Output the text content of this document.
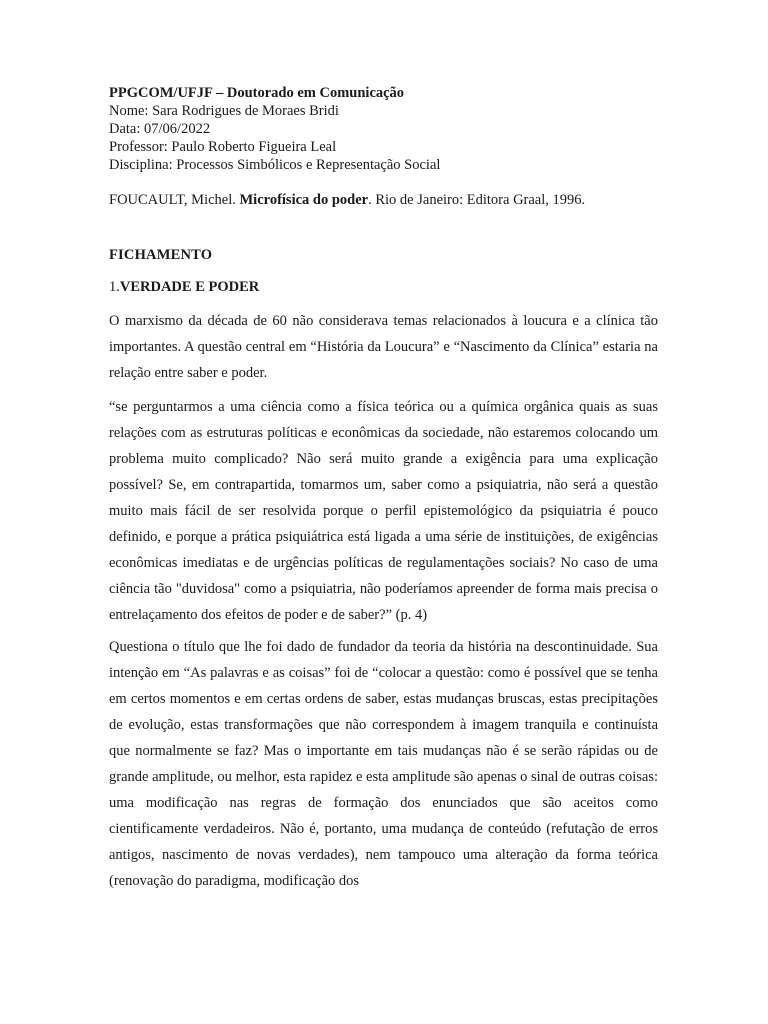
PPGCOM/UFJF – Doutorado em Comunicação
Nome: Sara Rodrigues de Moraes Bridi
Data: 07/06/2022
Professor: Paulo Roberto Figueira Leal
Disciplina: Processos Simbólicos e Representação Social
FOUCAULT, Michel. Microfísica do poder. Rio de Janeiro: Editora Graal, 1996.
FICHAMENTO
1.VERDADE E PODER

O marxismo da década de 60 não considerava temas relacionados à loucura e a clínica tão importantes. A questão central em “História da Loucura” e “Nascimento da Clínica” estaria na relação entre saber e poder.

“se perguntarmos a uma ciência como a física teórica ou a química orgânica quais as suas relações com as estruturas políticas e econômicas da sociedade, não estaremos colocando um problema muito complicado? Não será muito grande a exigência para uma explicação possível? Se, em contrapartida, tomarmos um, saber como a psiquiatria, não será a questão muito mais fácil de ser resolvida porque o perfil epistemológico da psiquiatria é pouco definido, e porque a prática psiquiátrica está ligada a uma série de instituições, de exigências econômicas imediatas e de urgências políticas de regulamentações sociais? No caso de uma ciência tão "duvidosa" como a psiquiatria, não poderíamos apreender de forma mais precisa o entrelaçamento dos efeitos de poder e de saber?” (p. 4)

Questiona o título que lhe foi dado de fundador da teoria da história na descontinuidade. Sua intenção em “As palavras e as coisas” foi de “colocar a questão: como é possível que se tenha em certos momentos e em certas ordens de saber, estas mudanças bruscas, estas precipitações de evolução, estas transformações que não correspondem à imagem tranquila e continuísta que normalmente se faz? Mas o importante em tais mudanças não é se serão rápidas ou de grande amplitude, ou melhor, esta rapidez e esta amplitude são apenas o sinal de outras coisas: uma modificação nas regras de formação dos enunciados que são aceitos como cientificamente verdadeiros. Não é, portanto, uma mudança de conteúdo (refutação de erros antigos, nascimento de novas verdades), nem tampouco uma alteração da forma teórica (renovação do paradigma, modificação dos
